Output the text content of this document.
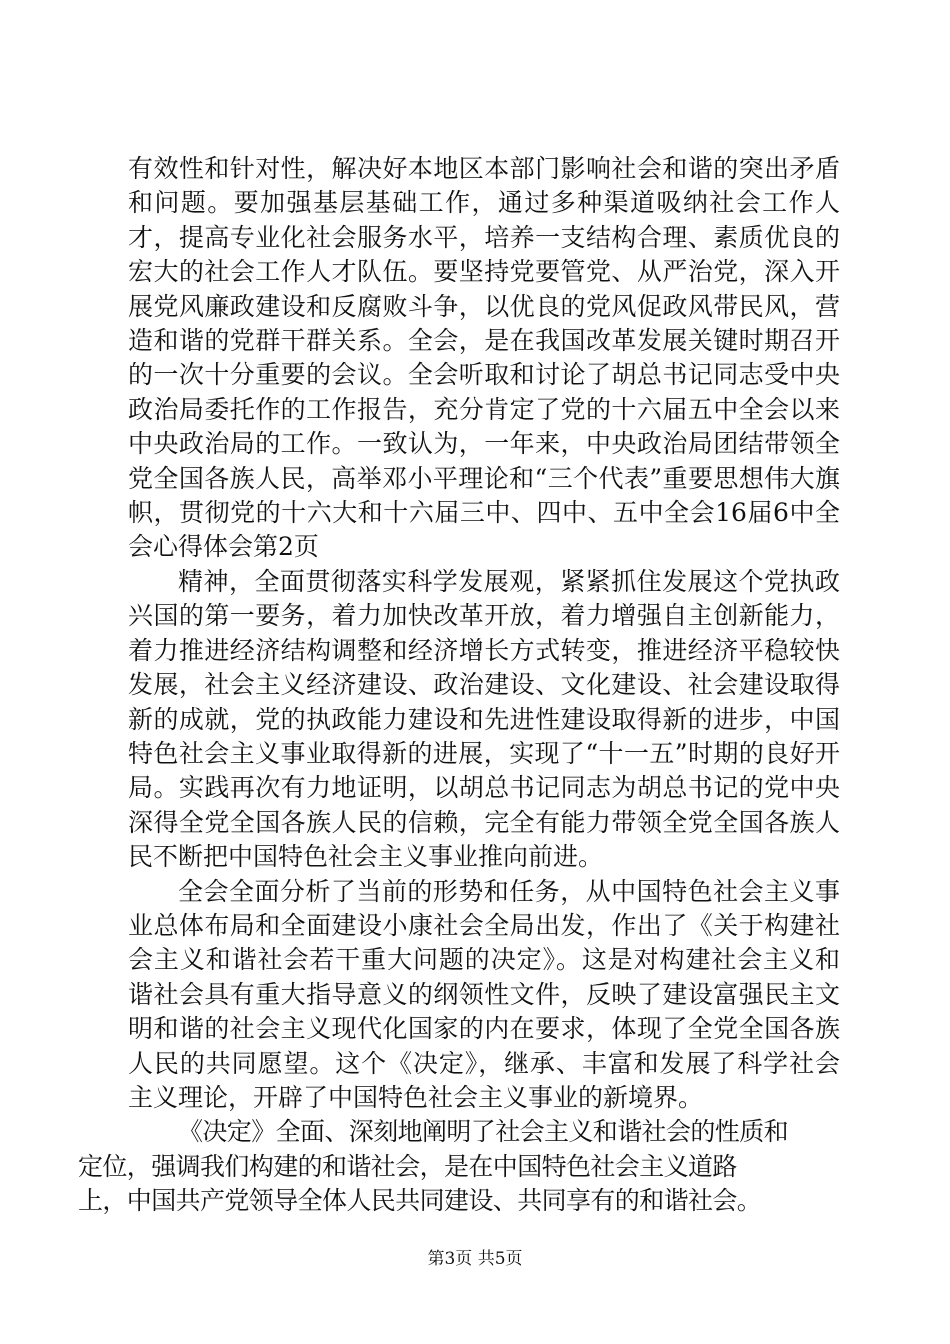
有效性和针对性，解决好本地区本部门影响社会和谐的突出矛盾和问题。要加强基层基础工作，通过多种渠道吸纳社会工作人才，提高专业化社会服务水平，培养一支结构合理、素质优良的宏大的社会工作人才队伍。要坚持党要管党、从严治党，深入开展党风廉政建设和反腐败斗争，以优良的党风促政风带民风，营造和谐的党群干群关系。全会，是在我国改革发展关键时期召开的一次十分重要的会议。全会听取和讨论了胡总书记同志受中央政治局委托作的工作报告，充分肯定了党的十六届五中全会以来中央政治局的工作。一致认为，一年来，中央政治局团结带领全党全国各族人民，高举邓小平理论和“三个代表”重要思想伟大旗帜，贯彻党的十六大和十六届三中、四中、五中全会16届6中全会心得体会第2页

精神，全面贯彻落实科学发展观，紧紧抓住发展这个党执政兴国的第一要务，着力加快改革开放，着力增强自主创新能力，着力推进经济结构调整和经济增长方式转变，推进经济平稳较快发展，社会主义经济建设、政治建设、文化建设、社会建设取得新的成就，党的执政能力建设和先进性建设取得新的进步，中国特色社会主义事业取得新的进展，实现了“十一五”时期的良好开局。实践再次有力地证明，以胡总书记同志为胡总书记的党中央深得全党全国各族人民的信赖，完全有能力带领全党全国各族人民不断把中国特色社会主义事业推向前进。

全会全面分析了当前的形势和任务，从中国特色社会主义事业总体布局和全面建设小康社会全局出发，作出了《关于构建社会主义和谐社会若干重大问题的决定》。这是对构建社会主义和谐社会具有重大指导意义的纲领性文件，反映了建设富强民主文明和谐的社会主义现代化国家的内在要求，体现了全党全国各族人民的共同愿望。这个《决定》，继承、丰富和发展了科学社会主义理论，开辟了中国特色社会主义事业的新境界。

《决定》全面、深刻地阐明了社会主义和谐社会的性质和
定位，强调我们构建的和谐社会，是在中国特色社会主义道路
上，中国共产党领导全体人民共同建设、共同享有的和谐社会。

第3页 共5页
